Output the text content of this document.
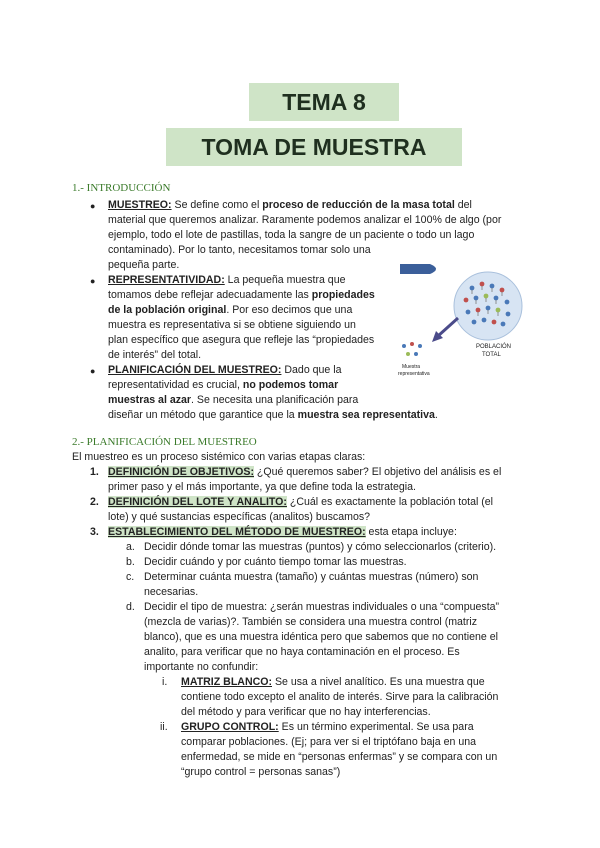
TEMA 8
TOMA DE MUESTRA
1.- INTRODUCCIÓN
● MUESTREO: Se define como el proceso de reducción de la masa total del
material que queremos analizar. Raramente podemos analizar el 100% de algo (por
ejemplo, todo el lote de pastillas, toda la sangre de un paciente o todo un lago
contaminado). Por lo tanto, necesitamos tomar solo una
pequeña parte.
● REPRESENTATIVIDAD: La pequeña muestra que
tomamos debe reflejar adecuadamente las propiedades
de la población original. Por eso decimos que una
muestra es representativa si se obtiene siguiendo un
plan específico que asegura que refleje las “propiedades
de interés” del total.
● PLANIFICACIÓN DEL MUESTREO: Dado que la
representatividad es crucial, no podemos tomar
muestras al azar. Se necesita una planificación para
diseñar un método que garantice que la muestra sea representativa.
POBLACIÓN
TOTAL
Muestra
representativa
2.- PLANIFICACIÓN DEL MUESTREO
El muestreo es un proceso sistémico con varias etapas claras:
1. DEFINICIÓN DE OBJETIVOS: ¿Qué queremos saber? El objetivo del análisis es el
primer paso y el más importante, ya que define toda la estrategia.
2. DEFINICIÓN DEL LOTE Y ANALITO: ¿Cuál es exactamente la población total (el
lote) y qué sustancias específicas (analitos) buscamos?
3. ESTABLECIMIENTO DEL MÉTODO DE MUESTREO: esta etapa incluye:
a. Decidir dónde tomar las muestras (puntos) y cómo seleccionarlos (criterio).
b. Decidir cuándo y por cuánto tiempo tomar las muestras.
c. Determinar cuánta muestra (tamaño) y cuántas muestras (número) son
necesarias.
d. Decidir el tipo de muestra: ¿serán muestras individuales o una “compuesta”
(mezcla de varias)?. También se considera una muestra control (matriz
blanco), que es una muestra idéntica pero que sabemos que no contiene el
analito, para verificar que no haya contaminación en el proceso. Es
importante no confundir:
i. MATRIZ BLANCO: Se usa a nivel analítico. Es una muestra que
contiene todo excepto el analito de interés. Sirve para la calibración
del método y para verificar que no hay interferencias.
ii. GRUPO CONTROL: Es un término experimental. Se usa para
comparar poblaciones. (Ej; para ver si el triptófano baja en una
enfermedad, se mide en “personas enfermas” y se compara con un
“grupo control = personas sanas”)
